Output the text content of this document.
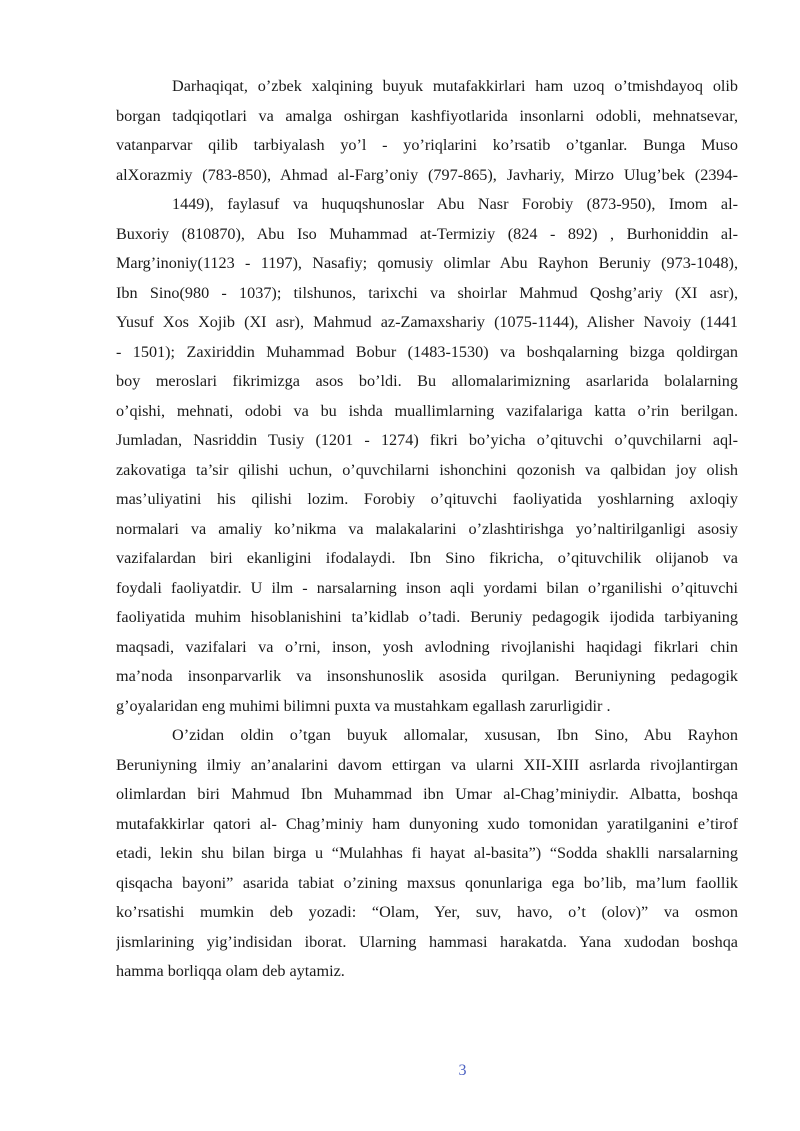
Darhaqiqat, o’zbek xalqining buyuk mutafakkirlari ham uzoq o’tmishdayoq olib
borgan tadqiqotlari va amalga oshirgan kashfiyotlarida insonlarni odobli, mehnatsevar,
vatanparvar qilib tarbiyalash yo’l - yo’riqlarini ko’rsatib o’tganlar. Bunga Muso
alXorazmiy (783-850), Ahmad al-Farg’oniy (797-865), Javhariy, Mirzo Ulug’bek (2394-
1449), faylasuf va huquqshunoslar Abu Nasr Forobiy (873-950), Imom al-
Buxoriy (810870), Abu Iso Muhammad at-Termiziy (824 - 892) , Burhoniddin al-
Marg’inoniy(1123 - 1197), Nasafiy; qomusiy olimlar Abu Rayhon Beruniy (973-1048),
Ibn Sino(980 - 1037); tilshunos, tarixchi va shoirlar Mahmud Qoshg’ariy (XI asr),
Yusuf Xos Xojib (XI asr), Mahmud az-Zamaxshariy (1075-1144), Alisher Navoiy (1441
- 1501); Zaxiriddin Muhammad Bobur (1483-1530) va boshqalarning bizga qoldirgan
boy meroslari fikrimizga asos bo’ldi. Bu allomalarimizning asarlarida bolalarning
o’qishi, mehnati, odobi va bu ishda muallimlarning vazifalariga katta o’rin berilgan.
Jumladan, Nasriddin Tusiy (1201 - 1274) fikri bo’yicha o’qituvchi o’quvchilarni aql-
zakovatiga ta’sir qilishi uchun, o’quvchilarni ishonchini qozonish va qalbidan joy olish
mas’uliyatini his qilishi lozim. Forobiy o’qituvchi faoliyatida yoshlarning axloqiy
normalari va amaliy ko’nikma va malakalarini o’zlashtirishga yo’naltirilganligi asosiy
vazifalardan biri ekanligini ifodalaydi. Ibn Sino fikricha, o’qituvchilik olijanob va
foydali faoliyatdir. U ilm - narsalarning inson aqli yordami bilan o’rganilishi o’qituvchi
faoliyatida muhim hisoblanishini ta’kidlab o’tadi. Beruniy pedagogik ijodida tarbiyaning
maqsadi, vazifalari va o’rni, inson, yosh avlodning rivojlanishi haqidagi fikrlari chin
ma’noda insonparvarlik va insonshunoslik asosida qurilgan. Beruniyning pedagogik
g’oyalaridan eng muhimi bilimni puxta va mustahkam egallash zarurligidir .
O’zidan oldin o’tgan buyuk allomalar, xususan, Ibn Sino, Abu Rayhon
Beruniyning ilmiy an’analarini davom ettirgan va ularni XII-XIII asrlarda rivojlantirgan
olimlardan biri Mahmud Ibn Muhammad ibn Umar al-Chag’miniydir. Albatta, boshqa
mutafakkirlar qatori al- Chag’miniy ham dunyoning xudo tomonidan yaratilganini e’tirof
etadi, lekin shu bilan birga u “Mulahhas fi hayat al-basita”) “Sodda shaklli narsalarning
qisqacha bayoni” asarida tabiat o’zining maxsus qonunlariga ega bo’lib, ma’lum faollik
ko’rsatishi mumkin deb yozadi: “Olam, Yer, suv, havo, o’t (olov)” va osmon
jismlarining yig’indisidan iborat. Ularning hammasi harakatda. Yana xudodan boshqa
hamma borliqqa olam deb aytamiz.
3
